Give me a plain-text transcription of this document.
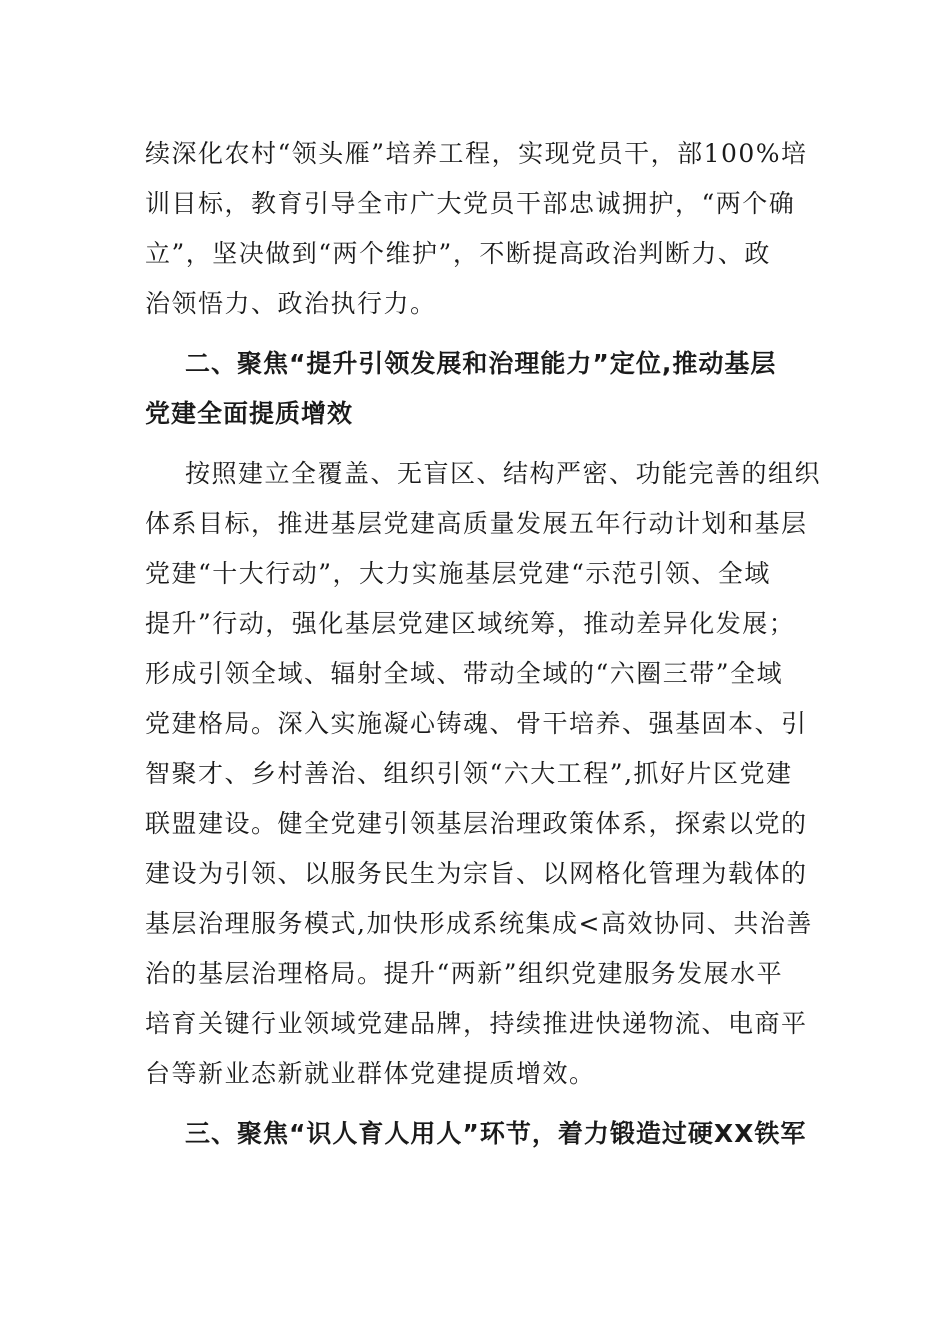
续深化农村“领头雁”培养工程，实现党员干，部100%培
训目标，教育引导全市广大党员干部忠诚拥护，“两个确
立”，坚决做到“两个维护”，不断提高政治判断力、政
治领悟力、政治执行力。
二、聚焦“提升引领发展和治理能力”定位,推动基层
党建全面提质增效
按照建立全覆盖、无盲区、结构严密、功能完善的组织
体系目标，推进基层党建高质量发展五年行动计划和基层
党建“十大行动”，大力实施基层党建“示范引领、全域
提升”行动，强化基层党建区域统筹，推动差异化发展；
形成引领全域、辐射全域、带动全域的“六圈三带”全域
党建格局。深入实施凝心铸魂、骨干培养、强基固本、引
智聚才、乡村善治、组织引领“六大工程”,抓好片区党建
联盟建设。健全党建引领基层治理政策体系，探索以党的
建设为引领、以服务民生为宗旨、以网格化管理为载体的
基层治理服务模式,加快形成系统集成<高效协同、共治善
治的基层治理格局。提升“两新”组织党建服务发展水平
培育关键行业领域党建品牌，持续推进快递物流、电商平
台等新业态新就业群体党建提质增效。
三、聚焦“识人育人用人”环节，着力锻造过硬XX铁军
